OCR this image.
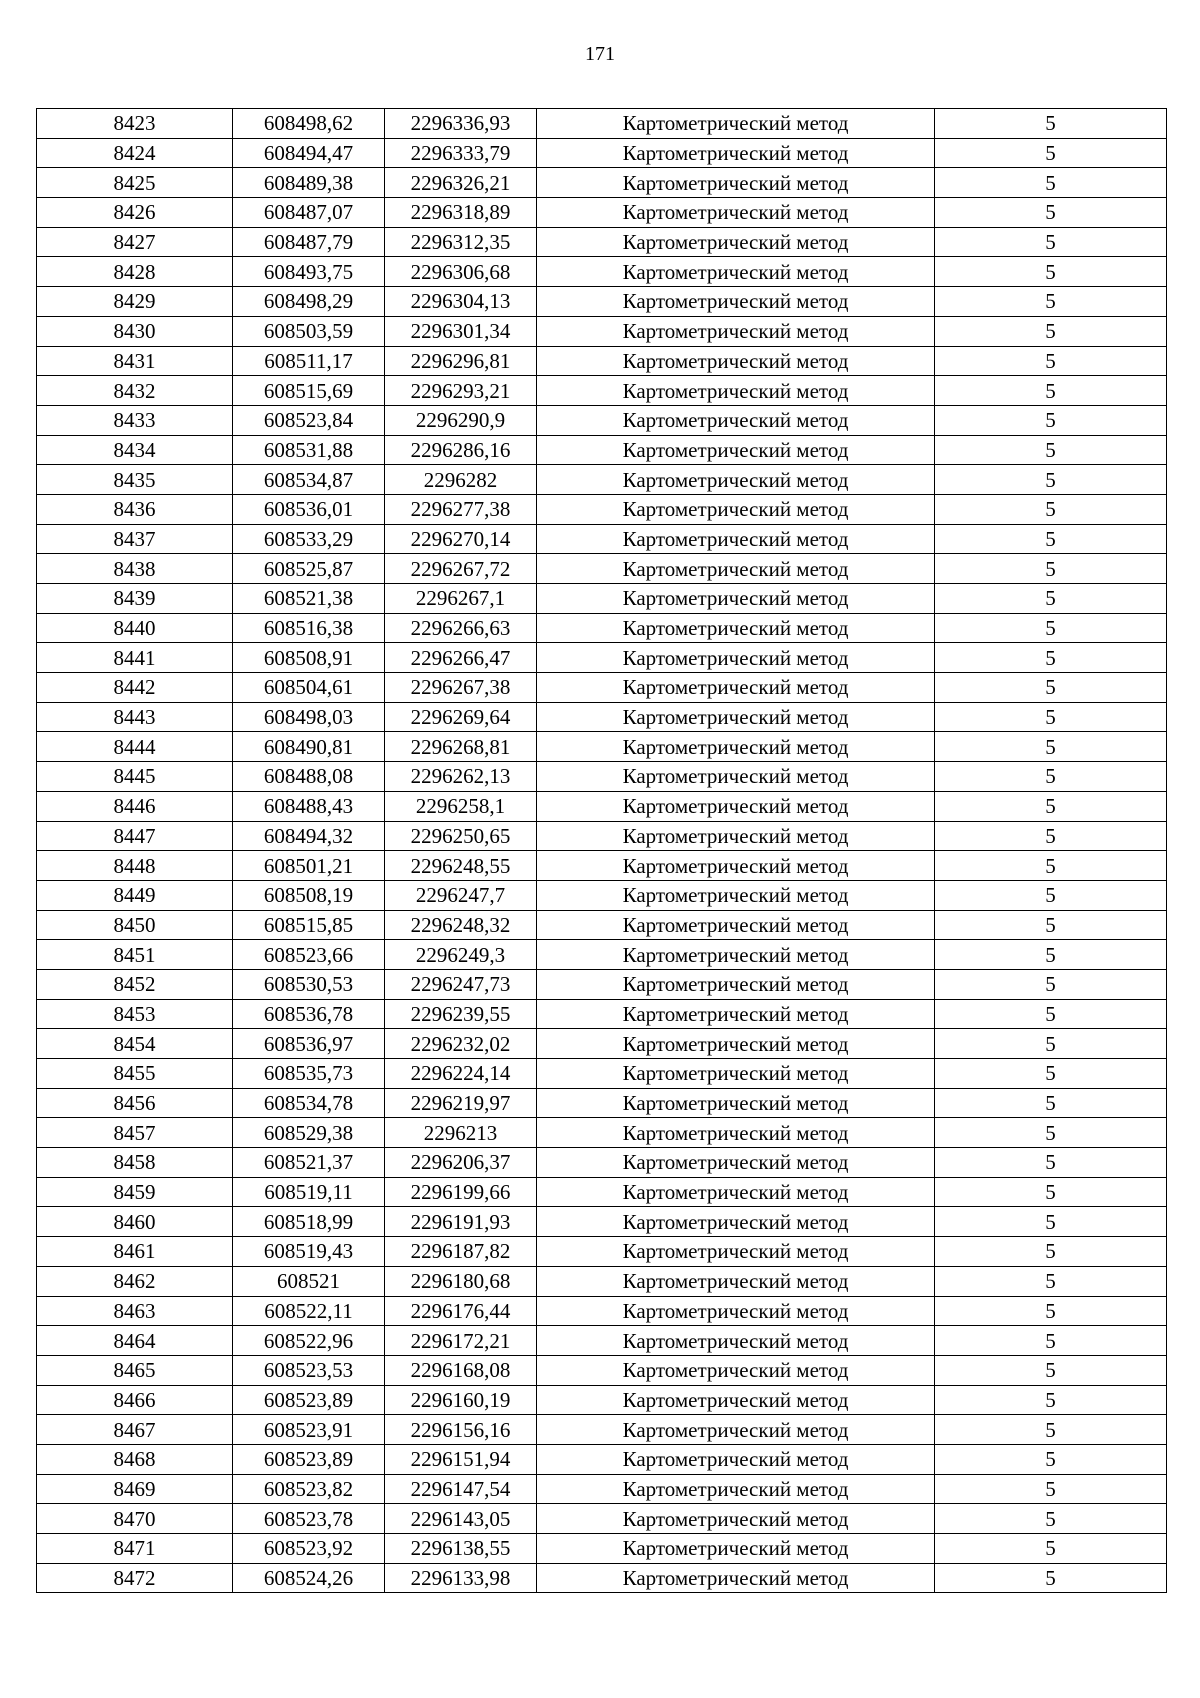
171
8423	608498,62	2296336,93	Картометрический метод	5
8424	608494,47	2296333,79	Картометрический метод	5
8425	608489,38	2296326,21	Картометрический метод	5
8426	608487,07	2296318,89	Картометрический метод	5
8427	608487,79	2296312,35	Картометрический метод	5
8428	608493,75	2296306,68	Картометрический метод	5
8429	608498,29	2296304,13	Картометрический метод	5
8430	608503,59	2296301,34	Картометрический метод	5
8431	608511,17	2296296,81	Картометрический метод	5
8432	608515,69	2296293,21	Картометрический метод	5
8433	608523,84	2296290,9	Картометрический метод	5
8434	608531,88	2296286,16	Картометрический метод	5
8435	608534,87	2296282	Картометрический метод	5
8436	608536,01	2296277,38	Картометрический метод	5
8437	608533,29	2296270,14	Картометрический метод	5
8438	608525,87	2296267,72	Картометрический метод	5
8439	608521,38	2296267,1	Картометрический метод	5
8440	608516,38	2296266,63	Картометрический метод	5
8441	608508,91	2296266,47	Картометрический метод	5
8442	608504,61	2296267,38	Картометрический метод	5
8443	608498,03	2296269,64	Картометрический метод	5
8444	608490,81	2296268,81	Картометрический метод	5
8445	608488,08	2296262,13	Картометрический метод	5
8446	608488,43	2296258,1	Картометрический метод	5
8447	608494,32	2296250,65	Картометрический метод	5
8448	608501,21	2296248,55	Картометрический метод	5
8449	608508,19	2296247,7	Картометрический метод	5
8450	608515,85	2296248,32	Картометрический метод	5
8451	608523,66	2296249,3	Картометрический метод	5
8452	608530,53	2296247,73	Картометрический метод	5
8453	608536,78	2296239,55	Картометрический метод	5
8454	608536,97	2296232,02	Картометрический метод	5
8455	608535,73	2296224,14	Картометрический метод	5
8456	608534,78	2296219,97	Картометрический метод	5
8457	608529,38	2296213	Картометрический метод	5
8458	608521,37	2296206,37	Картометрический метод	5
8459	608519,11	2296199,66	Картометрический метод	5
8460	608518,99	2296191,93	Картометрический метод	5
8461	608519,43	2296187,82	Картометрический метод	5
8462	608521	2296180,68	Картометрический метод	5
8463	608522,11	2296176,44	Картометрический метод	5
8464	608522,96	2296172,21	Картометрический метод	5
8465	608523,53	2296168,08	Картометрический метод	5
8466	608523,89	2296160,19	Картометрический метод	5
8467	608523,91	2296156,16	Картометрический метод	5
8468	608523,89	2296151,94	Картометрический метод	5
8469	608523,82	2296147,54	Картометрический метод	5
8470	608523,78	2296143,05	Картометрический метод	5
8471	608523,92	2296138,55	Картометрический метод	5
8472	608524,26	2296133,98	Картометрический метод	5
